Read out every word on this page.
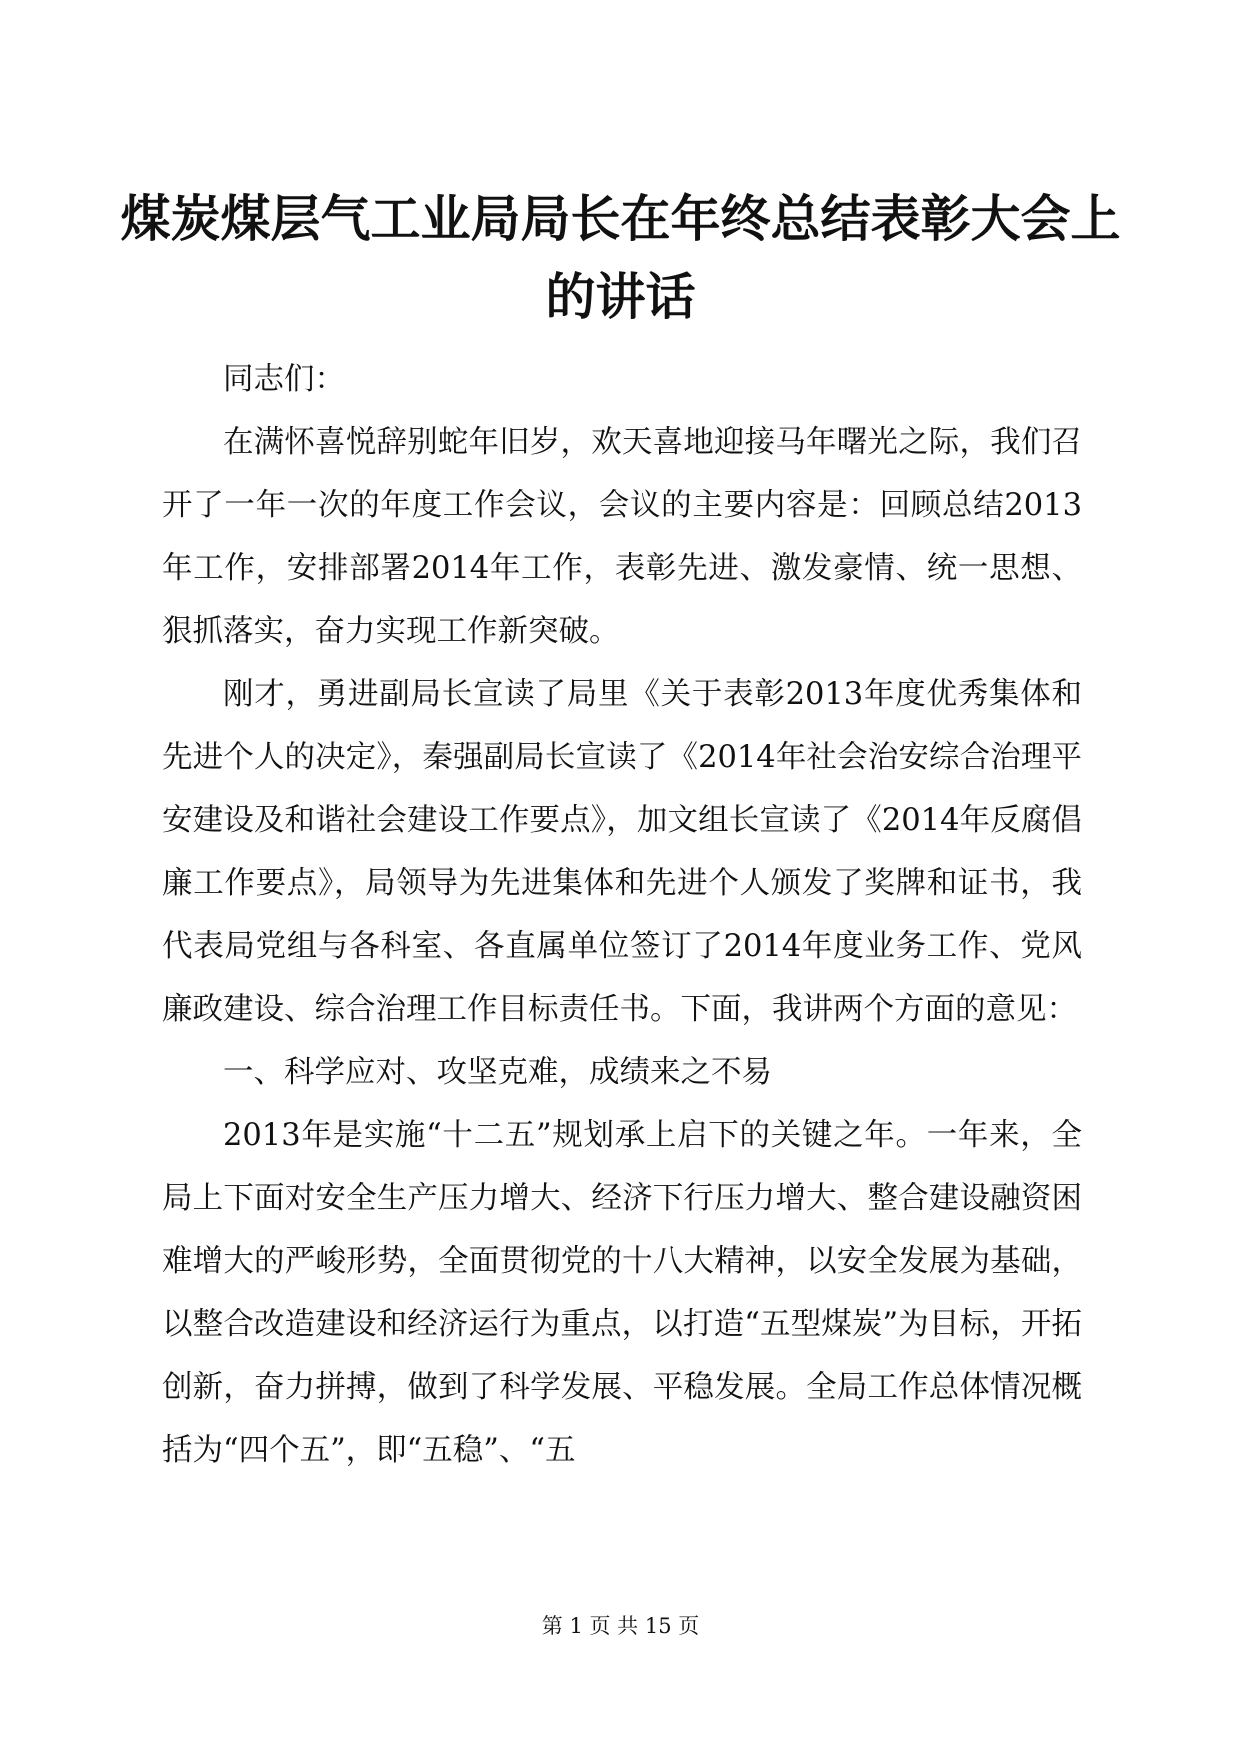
煤炭煤层气工业局局长在年终总结表彰大会上
的讲话

同志们：

在满怀喜悦辞别蛇年旧岁，欢天喜地迎接马年曙光之际，我们召开了一年一次的年度工作会议，会议的主要内容是：回顾总结2013年工作，安排部署2014年工作，表彰先进、激发豪情、统一思想、狠抓落实，奋力实现工作新突破。

刚才，勇进副局长宣读了局里《关于表彰2013年度优秀集体和先进个人的决定》，秦强副局长宣读了《2014年社会治安综合治理平安建设及和谐社会建设工作要点》，加文组长宣读了《2014年反腐倡廉工作要点》，局领导为先进集体和先进个人颁发了奖牌和证书，我代表局党组与各科室、各直属单位签订了2014年度业务工作、党风廉政建设、综合治理工作目标责任书。下面，我讲两个方面的意见：

一、科学应对、攻坚克难，成绩来之不易

2013年是实施“十二五”规划承上启下的关键之年。一年来，全局上下面对安全生产压力增大、经济下行压力增大、整合建设融资困难增大的严峻形势，全面贯彻党的十八大精神，以安全发展为基础，以整合改造建设和经济运行为重点，以打造“五型煤炭”为目标，开拓创新，奋力拼搏，做到了科学发展、平稳发展。全局工作总体情况概括为“四个五”，即“五稳”、“五

第 1 页 共 15 页
